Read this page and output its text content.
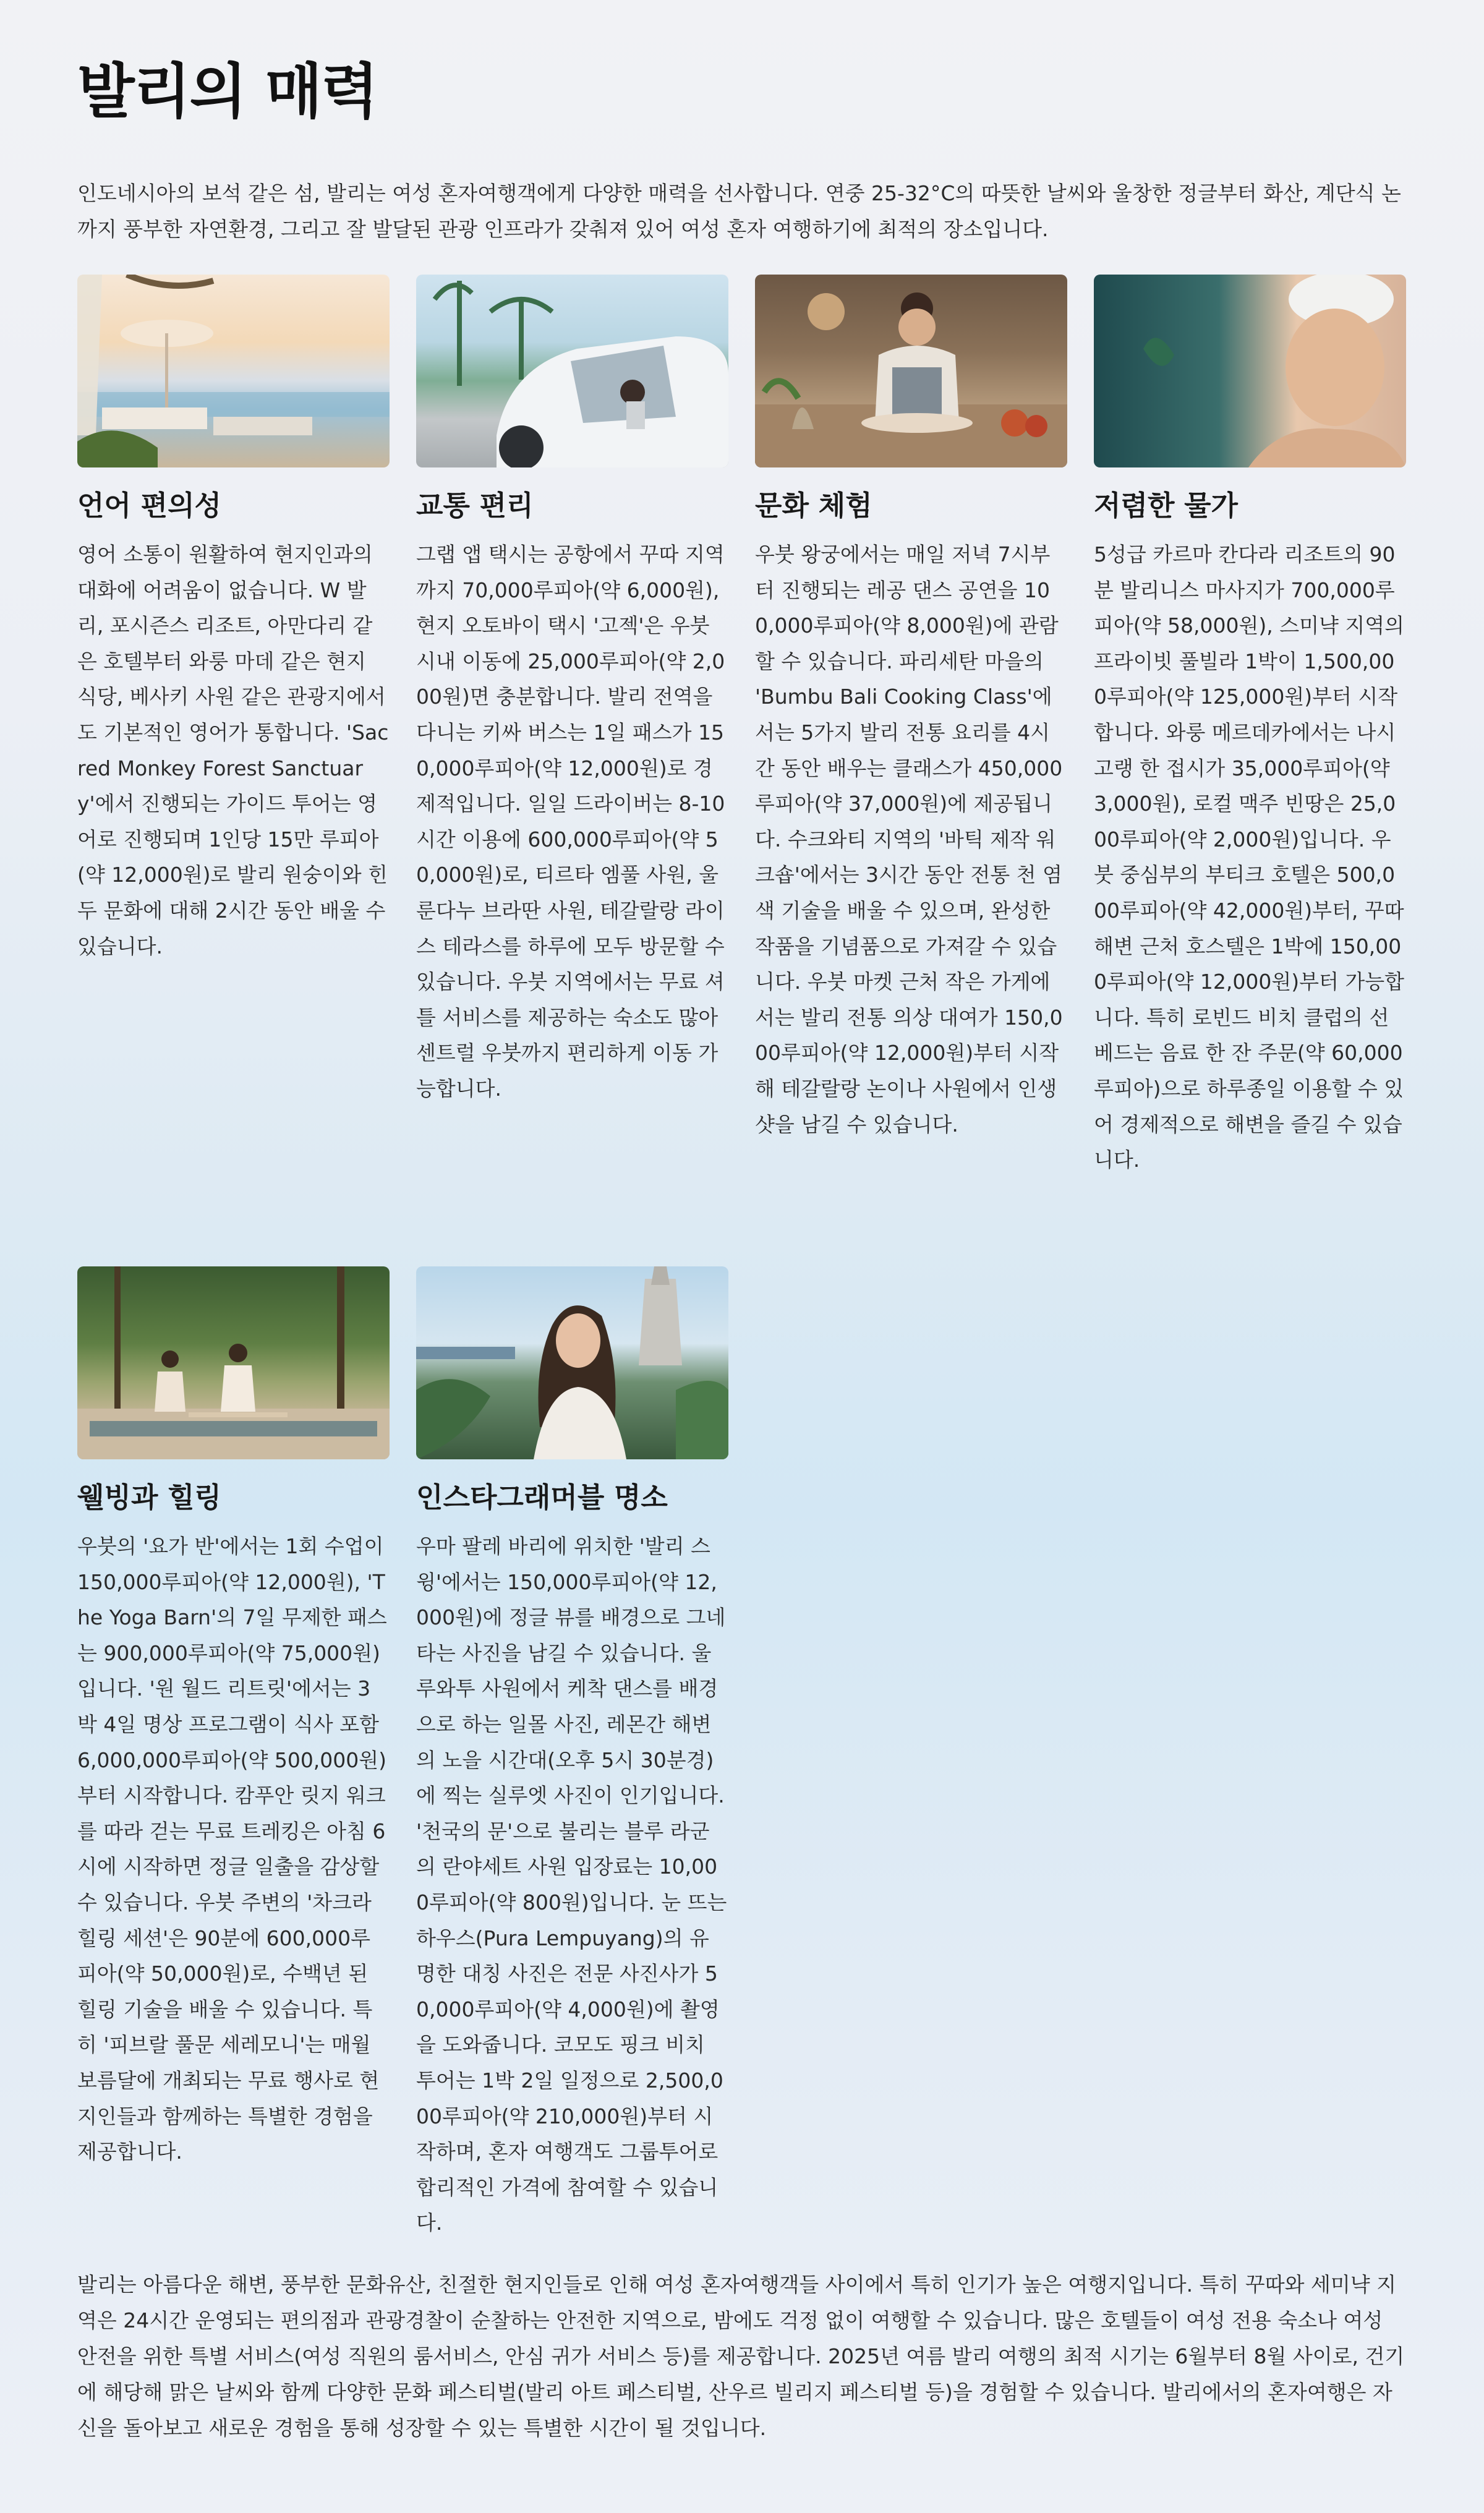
발리의 매력

인도네시아의 보석 같은 섬, 발리는 여성 혼자여행객에게 다양한 매력을 선사합니다. 연중 25-32°C의 따뜻한 날씨와 울창한 정글부터 화산, 계단식 논까지 풍부한 자연환경, 그리고 잘 발달된 관광 인프라가 갖춰져 있어 여성 혼자 여행하기에 최적의 장소입니다.

언어 편의성

영어 소통이 원활하여 현지인과의 대화에 어려움이 없습니다. W 발리, 포시즌스 리조트, 아만다리 같은 호텔부터 와룽 마데 같은 현지 식당, 베사키 사원 같은 관광지에서도 기본적인 영어가 통합니다. 'Sacred Monkey Forest Sanctuary'에서 진행되는 가이드 투어는 영어로 진행되며 1인당 15만 루피아(약 12,000원)로 발리 원숭이와 힌두 문화에 대해 2시간 동안 배울 수 있습니다.

교통 편리

그랩 앱 택시는 공항에서 꾸따 지역까지 70,000루피아(약 6,000원), 현지 오토바이 택시 '고젝'은 우붓 시내 이동에 25,000루피아(약 2,000원)면 충분합니다. 발리 전역을 다니는 키싸 버스는 1일 패스가 150,000루피아(약 12,000원)로 경제적입니다. 일일 드라이버는 8-10시간 이용에 600,000루피아(약 50,000원)로, 티르타 엠풀 사원, 울룬다누 브라딴 사원, 테갈랄랑 라이스 테라스를 하루에 모두 방문할 수 있습니다. 우붓 지역에서는 무료 셔틀 서비스를 제공하는 숙소도 많아 센트럴 우붓까지 편리하게 이동 가능합니다.

문화 체험

우붓 왕궁에서는 매일 저녁 7시부터 진행되는 레공 댄스 공연을 100,000루피아(약 8,000원)에 관람할 수 있습니다. 파리세탄 마을의 'Bumbu Bali Cooking Class'에서는 5가지 발리 전통 요리를 4시간 동안 배우는 클래스가 450,000루피아(약 37,000원)에 제공됩니다. 수크와티 지역의 '바틱 제작 워크숍'에서는 3시간 동안 전통 천 염색 기술을 배울 수 있으며, 완성한 작품을 기념품으로 가져갈 수 있습니다. 우붓 마켓 근처 작은 가게에서는 발리 전통 의상 대여가 150,000루피아(약 12,000원)부터 시작해 테갈랄랑 논이나 사원에서 인생샷을 남길 수 있습니다.

저렴한 물가

5성급 카르마 칸다라 리조트의 90분 발리니스 마사지가 700,000루피아(약 58,000원), 스미냑 지역의 프라이빗 풀빌라 1박이 1,500,000루피아(약 125,000원)부터 시작합니다. 와룽 메르데카에서는 나시고랭 한 접시가 35,000루피아(약 3,000원), 로컬 맥주 빈땅은 25,000루피아(약 2,000원)입니다. 우붓 중심부의 부티크 호텔은 500,000루피아(약 42,000원)부터, 꾸따 해변 근처 호스텔은 1박에 150,000루피아(약 12,000원)부터 가능합니다. 특히 로빈드 비치 클럽의 선베드는 음료 한 잔 주문(약 60,000루피아)으로 하루종일 이용할 수 있어 경제적으로 해변을 즐길 수 있습니다.

웰빙과 힐링

우붓의 '요가 반'에서는 1회 수업이 150,000루피아(약 12,000원), 'The Yoga Barn'의 7일 무제한 패스는 900,000루피아(약 75,000원)입니다. '원 월드 리트릿'에서는 3박 4일 명상 프로그램이 식사 포함 6,000,000루피아(약 500,000원)부터 시작합니다. 캄푸안 릿지 워크를 따라 걷는 무료 트레킹은 아침 6시에 시작하면 정글 일출을 감상할 수 있습니다. 우붓 주변의 '차크라 힐링 세션'은 90분에 600,000루피아(약 50,000원)로, 수백년 된 힐링 기술을 배울 수 있습니다. 특히 '피브랄 풀문 세레모니'는 매월 보름달에 개최되는 무료 행사로 현지인들과 함께하는 특별한 경험을 제공합니다.

인스타그래머블 명소

우마 팔레 바리에 위치한 '발리 스윙'에서는 150,000루피아(약 12,000원)에 정글 뷰를 배경으로 그네 타는 사진을 남길 수 있습니다. 울루와투 사원에서 케착 댄스를 배경으로 하는 일몰 사진, 레몬간 해변의 노을 시간대(오후 5시 30분경)에 찍는 실루엣 사진이 인기입니다. '천국의 문'으로 불리는 블루 라군의 란야세트 사원 입장료는 10,000루피아(약 800원)입니다. 눈 뜨는 하우스(Pura Lempuyang)의 유명한 대칭 사진은 전문 사진사가 50,000루피아(약 4,000원)에 촬영을 도와줍니다. 코모도 핑크 비치 투어는 1박 2일 일정으로 2,500,000루피아(약 210,000원)부터 시작하며, 혼자 여행객도 그룹투어로 합리적인 가격에 참여할 수 있습니다.

발리는 아름다운 해변, 풍부한 문화유산, 친절한 현지인들로 인해 여성 혼자여행객들 사이에서 특히 인기가 높은 여행지입니다. 특히 꾸따와 세미냑 지역은 24시간 운영되는 편의점과 관광경찰이 순찰하는 안전한 지역으로, 밤에도 걱정 없이 여행할 수 있습니다. 많은 호텔들이 여성 전용 숙소나 여성 안전을 위한 특별 서비스(여성 직원의 룸서비스, 안심 귀가 서비스 등)를 제공합니다. 2025년 여름 발리 여행의 최적 시기는 6월부터 8월 사이로, 건기에 해당해 맑은 날씨와 함께 다양한 문화 페스티벌(발리 아트 페스티벌, 산우르 빌리지 페스티벌 등)을 경험할 수 있습니다. 발리에서의 혼자여행은 자신을 돌아보고 새로운 경험을 통해 성장할 수 있는 특별한 시간이 될 것입니다.
